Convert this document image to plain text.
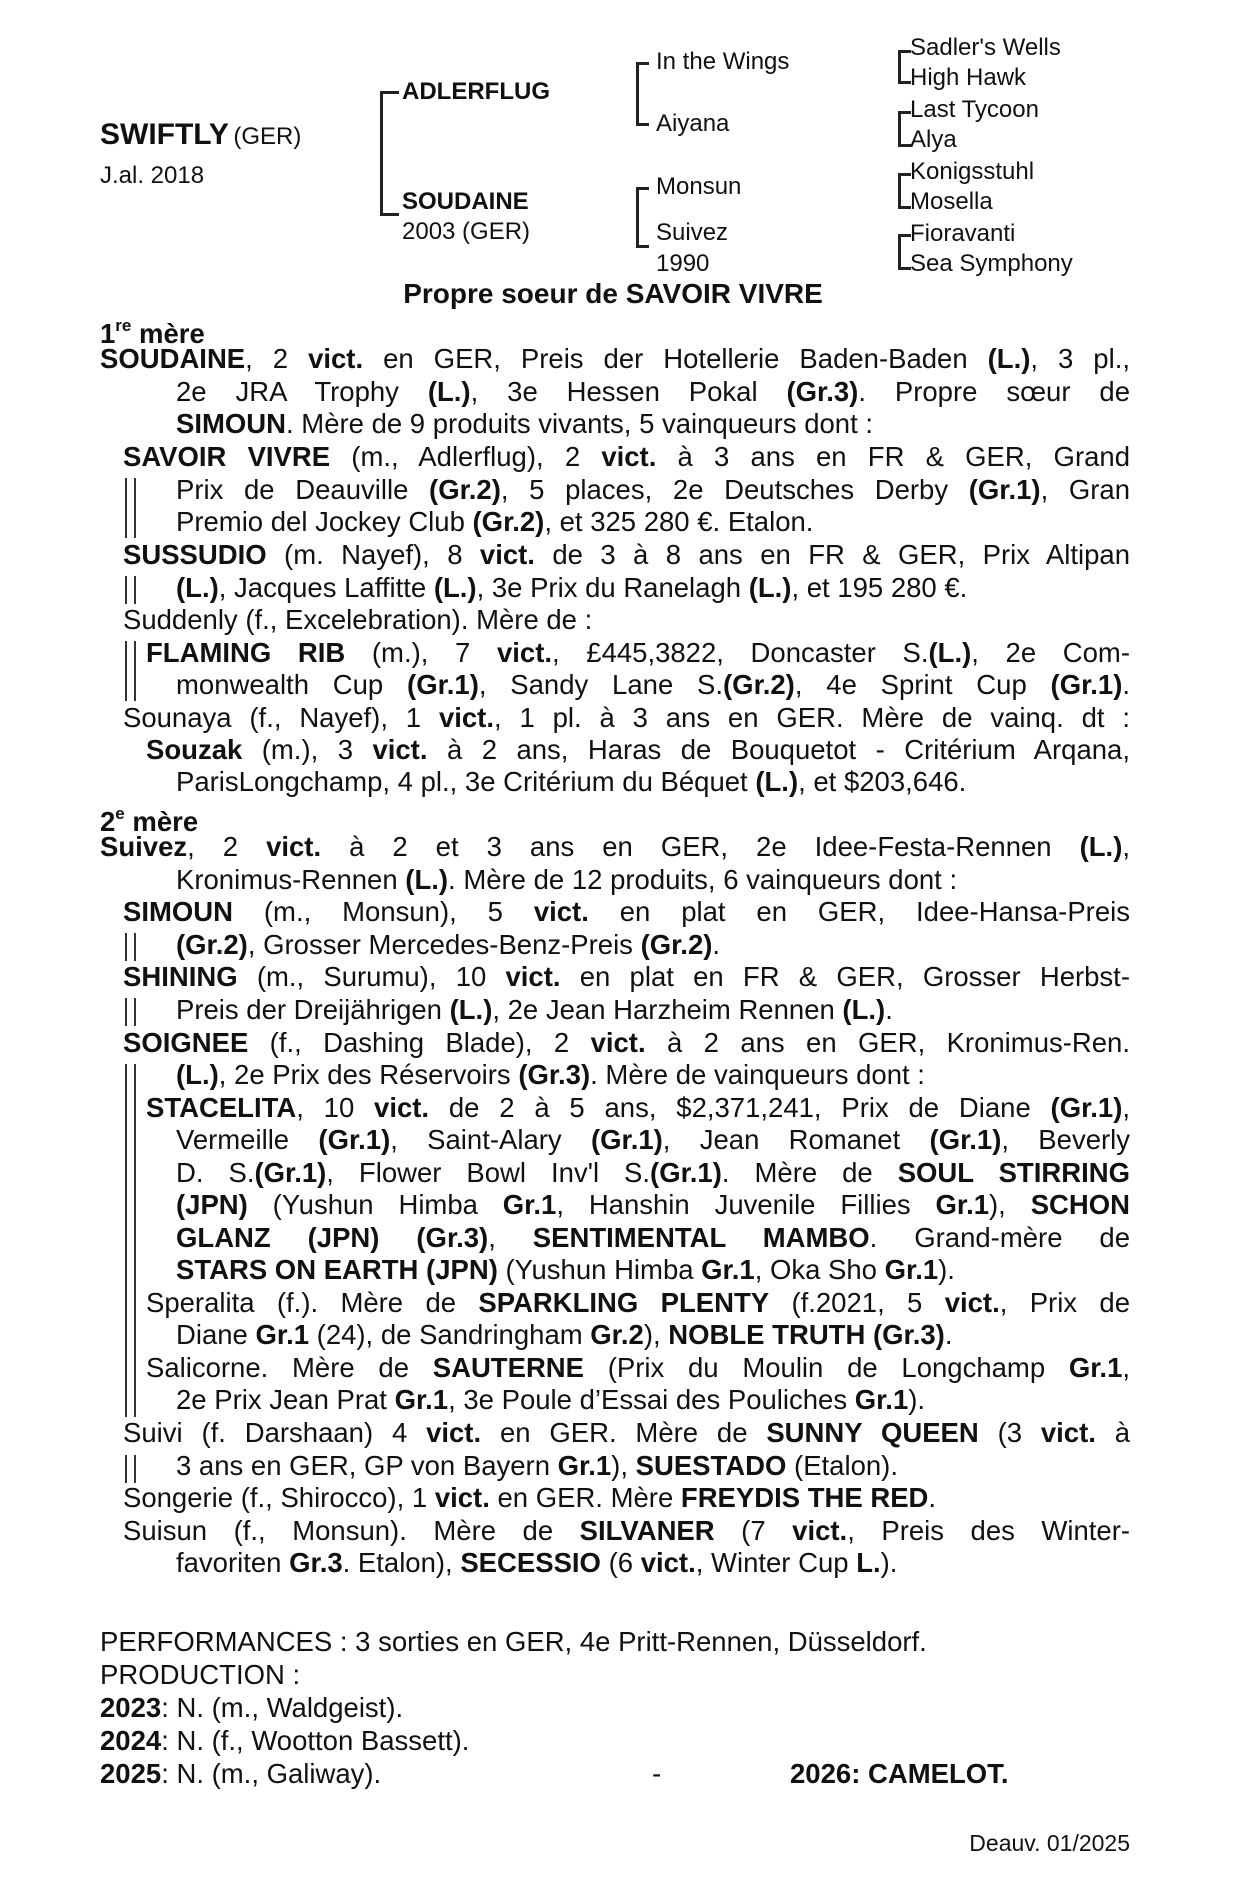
SWIFTLY (GER)
J.al. 2018
ADLERFLUG
SOUDAINE
2003 (GER)
In the Wings
Aiyana
Monsun
Suivez
1990
Sadler's Wells
High Hawk
Last Tycoon
Alya
Konigsstuhl
Mosella
Fioravanti
Sea Symphony
Propre soeur de SAVOIR VIVRE
1re mère
2e mère
SOUDAINE, 2 vict. en GER, Preis der Hotellerie Baden-Baden (L.), 3 pl.,
2e JRA Trophy (L.), 3e Hessen Pokal (Gr.3). Propre sœur de
SIMOUN. Mère de 9 produits vivants, 5 vainqueurs dont :
SAVOIR VIVRE (m., Adlerflug), 2 vict. à 3 ans en FR & GER, Grand
Prix de Deauville (Gr.2), 5 places, 2e Deutsches Derby (Gr.1), Gran
Premio del Jockey Club (Gr.2), et 325 280 €. Etalon.
SUSSUDIO (m. Nayef), 8 vict. de 3 à 8 ans en FR & GER, Prix Altipan
(L.), Jacques Laffitte (L.), 3e Prix du Ranelagh (L.), et 195 280 €.
Suddenly (f., Excelebration). Mère de :
FLAMING RIB (m.), 7 vict., £445,3822, Doncaster S.(L.), 2e Com-
monwealth Cup (Gr.1), Sandy Lane S.(Gr.2), 4e Sprint Cup (Gr.1).
Sounaya (f., Nayef), 1 vict., 1 pl. à 3 ans en GER. Mère de vainq. dt :
Souzak (m.), 3 vict. à 2 ans, Haras de Bouquetot - Critérium Arqana,
ParisLongchamp, 4 pl., 3e Critérium du Béquet (L.), et $203,646.
Suivez, 2 vict. à 2 et 3 ans en GER, 2e Idee-Festa-Rennen (L.),
Kronimus-Rennen (L.). Mère de 12 produits, 6 vainqueurs dont :
SIMOUN (m., Monsun), 5 vict. en plat en GER, Idee-Hansa-Preis
(Gr.2), Grosser Mercedes-Benz-Preis (Gr.2).
SHINING (m., Surumu), 10 vict. en plat en FR & GER, Grosser Herbst-
Preis der Dreijährigen (L.), 2e Jean Harzheim Rennen (L.).
SOIGNEE (f., Dashing Blade), 2 vict. à 2 ans en GER, Kronimus-Ren.
(L.), 2e Prix des Réservoirs (Gr.3). Mère de vainqueurs dont :
STACELITA, 10 vict. de 2 à 5 ans, $2,371,241, Prix de Diane (Gr.1),
Vermeille (Gr.1), Saint-Alary (Gr.1), Jean Romanet (Gr.1), Beverly
D. S.(Gr.1), Flower Bowl Inv'l S.(Gr.1). Mère de SOUL STIRRING
(JPN) (Yushun Himba Gr.1, Hanshin Juvenile Fillies Gr.1), SCHON
GLANZ (JPN) (Gr.3), SENTIMENTAL MAMBO. Grand-mère de
STARS ON EARTH (JPN) (Yushun Himba Gr.1, Oka Sho Gr.1).
Speralita (f.). Mère de SPARKLING PLENTY (f.2021, 5 vict., Prix de
Diane Gr.1 (24), de Sandringham Gr.2), NOBLE TRUTH (Gr.3).
Salicorne. Mère de SAUTERNE (Prix du Moulin de Longchamp Gr.1,
2e Prix Jean Prat Gr.1, 3e Poule d’Essai des Pouliches Gr.1).
Suivi (f. Darshaan) 4 vict. en GER. Mère de SUNNY QUEEN (3 vict. à
3 ans en GER, GP von Bayern Gr.1), SUESTADO (Etalon).
Songerie (f., Shirocco), 1 vict. en GER. Mère FREYDIS THE RED.
Suisun (f., Monsun). Mère de SILVANER (7 vict., Preis des Winter-
favoriten Gr.3. Etalon), SECESSIO (6 vict., Winter Cup L.).
PERFORMANCES : 3 sorties en GER, 4e Pritt-Rennen, Düsseldorf.
PRODUCTION :
2023: N. (m., Waldgeist).
2024: N. (f., Wootton Bassett).
2025: N. (m., Galiway).	-	2026: CAMELOT.
Deauv. 01/2025
